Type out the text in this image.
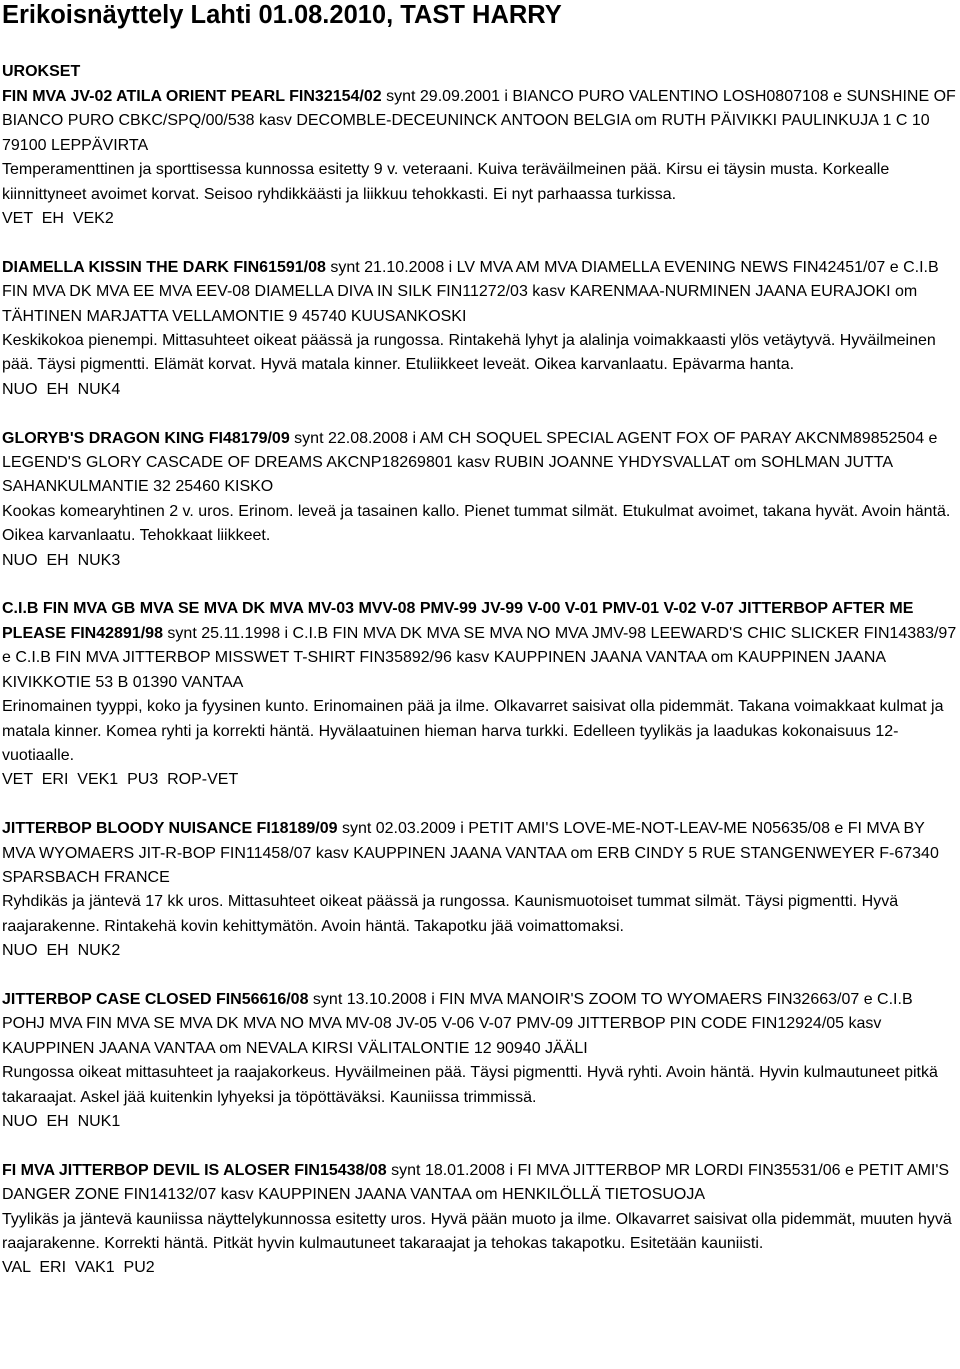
Erikoisnäyttely Lahti 01.08.2010, TAST HARRY
UROKSET
FIN MVA JV-02 ATILA ORIENT PEARL FIN32154/02 synt 29.09.2001 i BIANCO PURO VALENTINO LOSH0807108 e SUNSHINE OF BIANCO PURO CBKC/SPQ/00/538 kasv DECOMBLE-DECEUNINCK ANTOON BELGIA om RUTH PÄIVIKKI PAULINKUJA 1 C 10 79100 LEPPÄVIRTA
Temperamenttinen ja sporttisessa kunnossa esitetty 9 v. veteraani. Kuiva teräväilmeinen pää. Kirsu ei täysin musta. Korkealle kiinnittyneet avoimet korvat. Seisoo ryhdikkäästi ja liikkuu tehokkasti. Ei nyt parhaassa turkissa.
VET  EH  VEK2
DIAMELLA KISSIN THE DARK FIN61591/08 synt 21.10.2008 i LV MVA AM MVA DIAMELLA EVENING NEWS FIN42451/07 e C.I.B FIN MVA DK MVA EE MVA EEV-08 DIAMELLA DIVA IN SILK FIN11272/03 kasv KARENMAA-NURMINEN JAANA EURAJOKI om TÄHTINEN MARJATTA VELLAMONTIE 9 45740 KUUSANKOSKI
Keskikokoa pienempi. Mittasuhteet oikeat päässä ja rungossa. Rintakehä lyhyt ja alalinja voimakkaasti ylös vetäytyvä. Hyväilmeinen pää. Täysi pigmentti. Elämät korvat. Hyvä matala kinner. Etuliikkeet leveät. Oikea karvanlaatu. Epävarma hanta.
NUO  EH  NUK4
GLORYB'S DRAGON KING FI48179/09 synt 22.08.2008 i AM CH SOQUEL SPECIAL AGENT FOX OF PARAY AKCNM89852504 e LEGEND'S GLORY CASCADE OF DREAMS AKCNP18269801 kasv RUBIN JOANNE YHDYSVALLAT om SOHLMAN JUTTA SAHANKULMANTIE 32 25460 KISKO
Kookas komearyhtinen 2 v. uros. Erinom. leveä ja tasainen kallo. Pienet tummat silmät. Etukulmat avoimet, takana hyvät. Avoin häntä. Oikea karvanlaatu. Tehokkaat liikkeet.
NUO  EH  NUK3
C.I.B FIN MVA GB MVA SE MVA DK MVA MV-03 MVV-08 PMV-99 JV-99 V-00 V-01 PMV-01 V-02 V-07 JITTERBOP AFTER ME PLEASE FIN42891/98 synt 25.11.1998 i C.I.B FIN MVA DK MVA SE MVA NO MVA JMV-98 LEEWARD'S CHIC SLICKER FIN14383/97 e C.I.B FIN MVA JITTERBOP MISSWET T-SHIRT FIN35892/96 kasv KAUPPINEN JAANA VANTAA om KAUPPINEN JAANA KIVIKKOTIE 53 B 01390 VANTAA
Erinomainen tyyppi, koko ja fyysinen kunto. Erinomainen pää ja ilme. Olkavarret saisivat olla pidemmät. Takana voimakkaat kulmat ja matala kinner. Komea ryhti ja korrekti häntä. Hyvälaatuinen hieman harva turkki. Edelleen tyylikäs ja laadukas kokonaisuus 12-vuotiaalle.
VET  ERI  VEK1  PU3  ROP-VET
JITTERBOP BLOODY NUISANCE FI18189/09 synt 02.03.2009 i PETIT AMI'S LOVE-ME-NOT-LEAV-ME N05635/08 e FI MVA BY MVA WYOMAERS JIT-R-BOP FIN11458/07 kasv KAUPPINEN JAANA VANTAA om ERB CINDY 5 RUE STANGENWEYER F-67340 SPARSBACH FRANCE
Ryhdikäs ja jäntevä 17 kk uros. Mittasuhteet oikeat päässä ja rungossa. Kaunismuotoiset tummat silmät. Täysi pigmentti. Hyvä raajarakenne. Rintakehä kovin kehittymätön. Avoin häntä. Takapotku jää voimattomaksi.
NUO  EH  NUK2
JITTERBOP CASE CLOSED FIN56616/08 synt 13.10.2008 i FIN MVA MANOIR'S ZOOM TO WYOMAERS FIN32663/07 e C.I.B POHJ MVA FIN MVA SE MVA DK MVA NO MVA MV-08 JV-05 V-06 V-07 PMV-09 JITTERBOP PIN CODE FIN12924/05 kasv KAUPPINEN JAANA VANTAA om NEVALA KIRSI VÄLITALONTIE 12 90940 JÄÄLI
Rungossa oikeat mittasuhteet ja raajakorkeus. Hyväilmeinen pää. Täysi pigmentti. Hyvä ryhti. Avoin häntä. Hyvin kulmautuneet pitkä takaraajat. Askel jää kuitenkin lyhyeksi ja töpöttäväksi. Kauniissa trimmissä.
NUO  EH  NUK1
FI MVA JITTERBOP DEVIL IS ALOSER FIN15438/08 synt 18.01.2008 i FI MVA JITTERBOP MR LORDI FIN35531/06 e PETIT AMI'S DANGER ZONE FIN14132/07 kasv KAUPPINEN JAANA VANTAA om HENKILÖLLÄ TIETOSUOJA
Tyylikäs ja jäntevä kauniissa näyttelykunnossa esitetty uros. Hyvä pään muoto ja ilme. Olkavarret saisivat olla pidemmät, muuten hyvä raajarakenne. Korrekti häntä. Pitkät hyvin kulmautuneet takaraajat ja tehokas takapotku. Esitetään kauniisti.
VAL  ERI  VAK1  PU2
